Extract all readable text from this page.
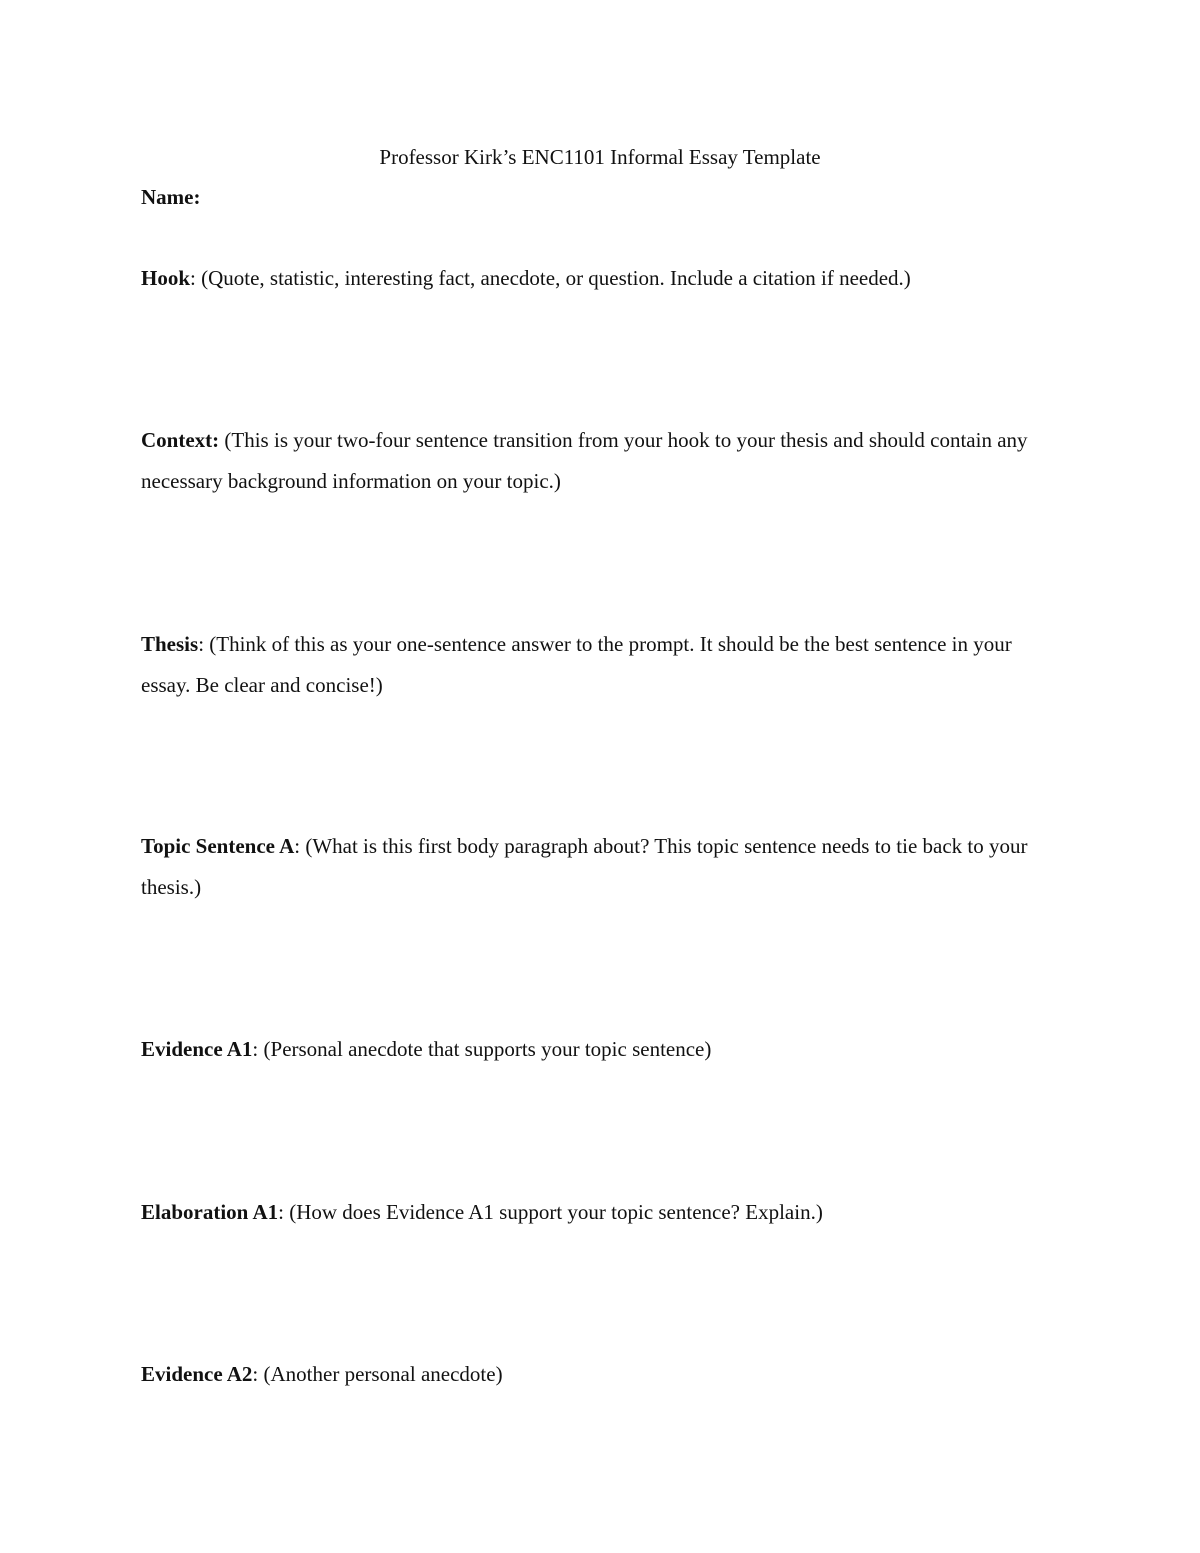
Professor Kirk’s ENC1101 Informal Essay Template
Name:
Hook: (Quote, statistic, interesting fact, anecdote, or question. Include a citation if needed.)
Context: (This is your two-four sentence transition from your hook to your thesis and should contain any necessary background information on your topic.)
Thesis: (Think of this as your one-sentence answer to the prompt. It should be the best sentence in your essay. Be clear and concise!)
Topic Sentence A: (What is this first body paragraph about? This topic sentence needs to tie back to your thesis.)
Evidence A1: (Personal anecdote that supports your topic sentence)
Elaboration A1: (How does Evidence A1 support your topic sentence? Explain.)
Evidence A2: (Another personal anecdote)
